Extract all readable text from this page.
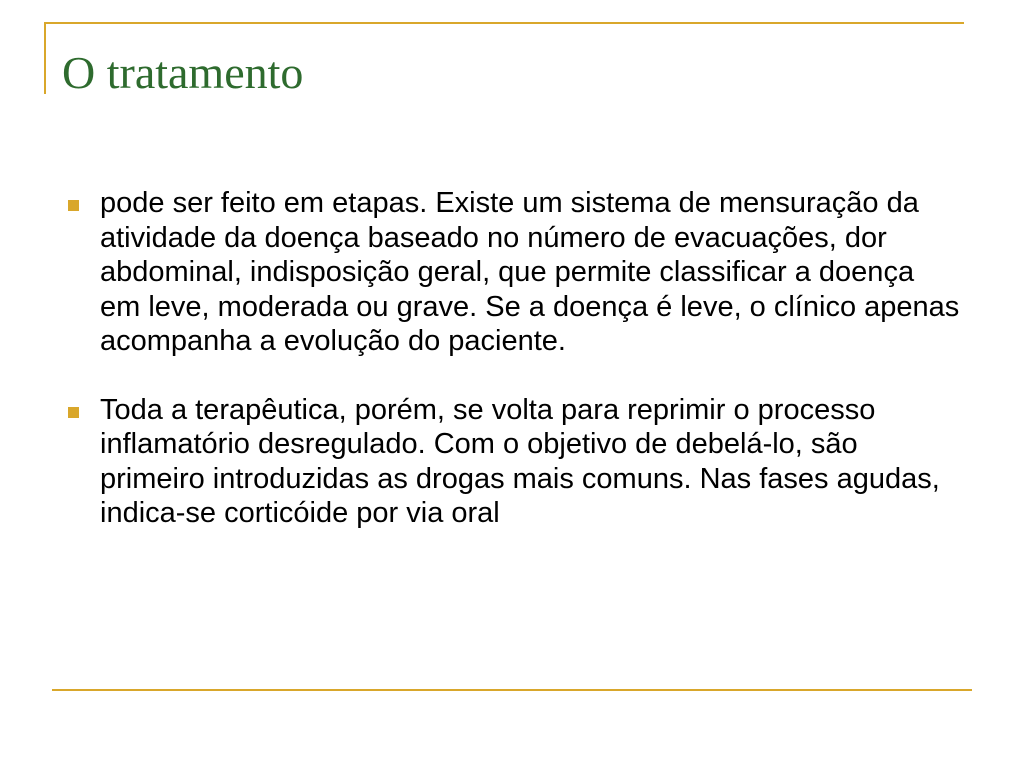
O tratamento
pode ser feito em etapas. Existe um sistema de mensuração da atividade da doença baseado no número de evacuações, dor abdominal, indisposição geral, que permite classificar a doença em leve, moderada ou grave. Se a doença é leve, o clínico apenas acompanha a evolução do paciente.
Toda a terapêutica, porém, se volta para reprimir o processo inflamatório desregulado. Com o objetivo de debelá-lo, são primeiro introduzidas as drogas mais comuns. Nas fases agudas, indica-se corticóide por via oral
